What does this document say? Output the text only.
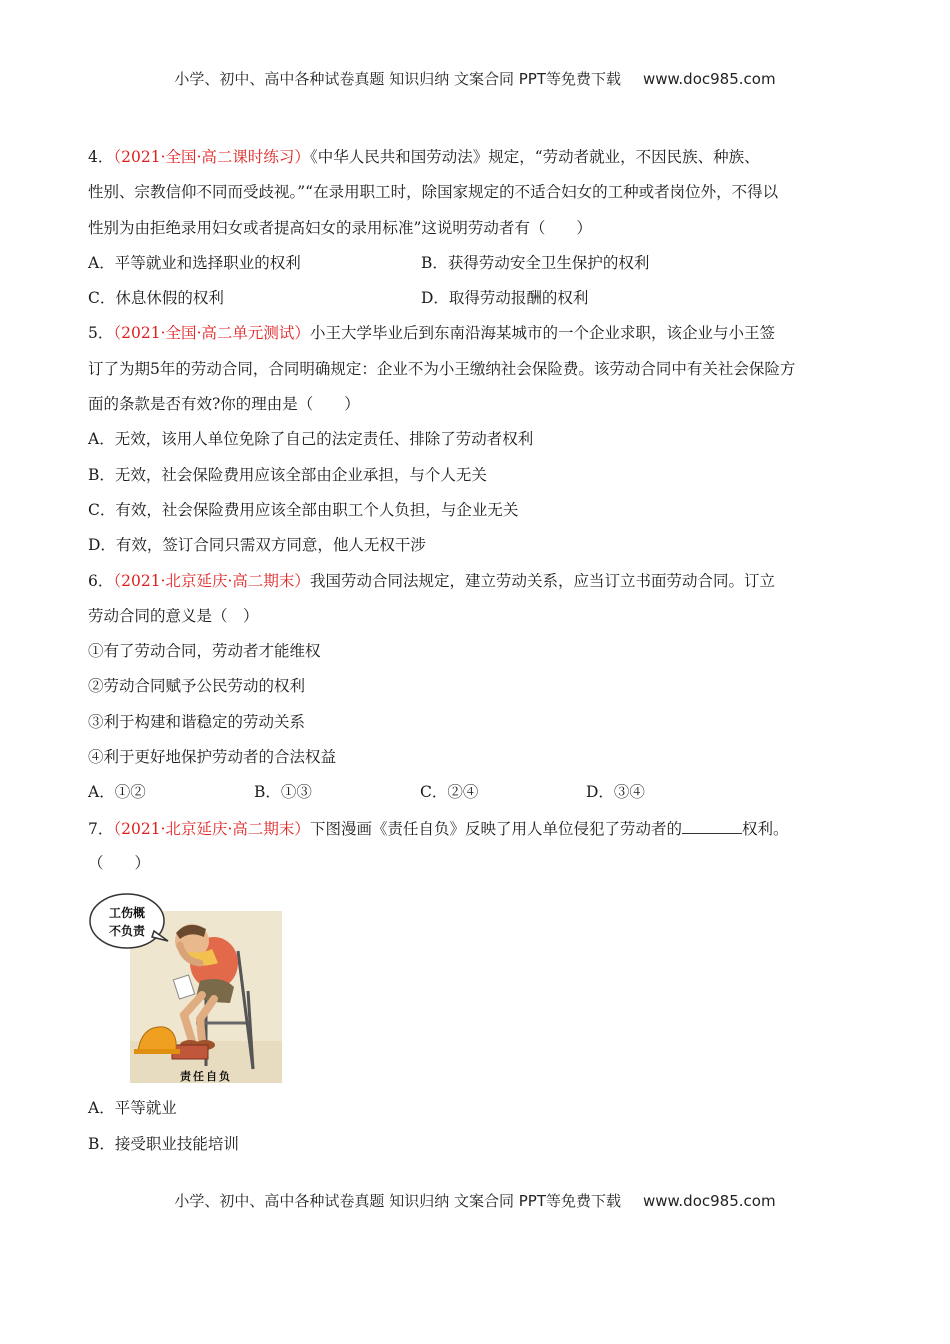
小学、初中、高中各种试卷真题 知识归纳 文案合同 PPT等免费下载 www.doc985.com
4．（2021·全国·高二课时练习）《中华人民共和国劳动法》规定，“劳动者就业，不因民族、种族、
性别、宗教信仰不同而受歧视。”“在录用职工时，除国家规定的不适合妇女的工种或者岗位外，不得以
性别为由拒绝录用妇女或者提高妇女的录用标准”这说明劳动者有（　　）
A．平等就业和选择职业的权利	B．获得劳动安全卫生保护的权利
C．休息休假的权利	D．取得劳动报酬的权利
5．（2021·全国·高二单元测试）小王大学毕业后到东南沿海某城市的一个企业求职，该企业与小王签
订了为期5年的劳动合同，合同明确规定：企业不为小王缴纳社会保险费。该劳动合同中有关社会保险方
面的条款是否有效?你的理由是（　　）
A．无效，该用人单位免除了自己的法定责任、排除了劳动者权利
B．无效，社会保险费用应该全部由企业承担，与个人无关
C．有效，社会保险费用应该全部由职工个人负担，与企业无关
D．有效，签订合同只需双方同意，他人无权干涉
6．（2021·北京延庆·高二期末）我国劳动合同法规定，建立劳动关系，应当订立书面劳动合同。订立
劳动合同的意义是（　）
①有了劳动合同，劳动者才能维权
②劳动合同赋予公民劳动的权利
③利于构建和谐稳定的劳动关系
④利于更好地保护劳动者的合法权益
A．①②	B．①③	C．②④	D．③④
7．（2021·北京延庆·高二期末）下图漫画《责任自负》反映了用人单位侵犯了劳动者的	权利。
（　　）
工伤概
不负责
责任自负
A．平等就业
B．接受职业技能培训
小学、初中、高中各种试卷真题 知识归纳 文案合同 PPT等免费下载 www.doc985.com
